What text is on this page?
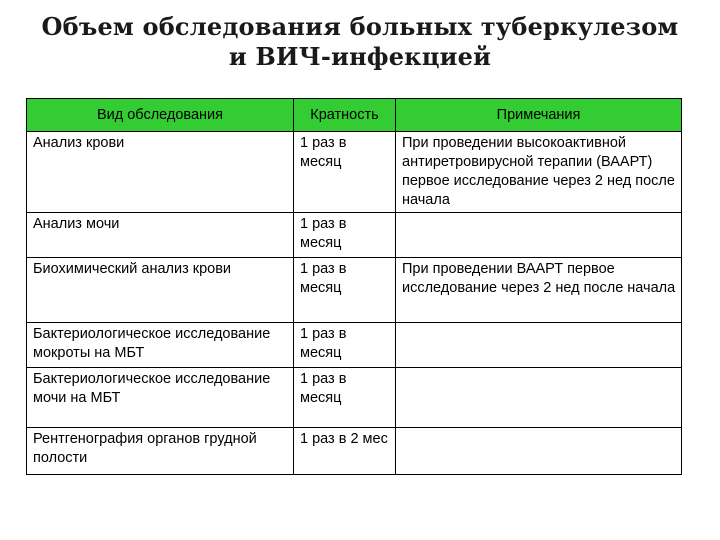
Объем обследования больных туберкулезом
и ВИЧ-инфекцией
Вид обследования	Кратность	Примечания
Анализ крови	1 раз в месяц	При проведении высокоактивной антиретровирусной терапии (ВААРТ) первое исследование через 2 нед после начала
Анализ мочи	1 раз в месяц	
Биохимический анализ крови	1 раз в месяц	При проведении ВААРТ первое исследование через 2 нед после начала
Бактериологическое исследование мокроты на МБТ	1 раз в месяц	
Бактериологическое исследование мочи на МБТ	1 раз в месяц	
Рентгенография органов грудной полости	1 раз в 2 мес	
